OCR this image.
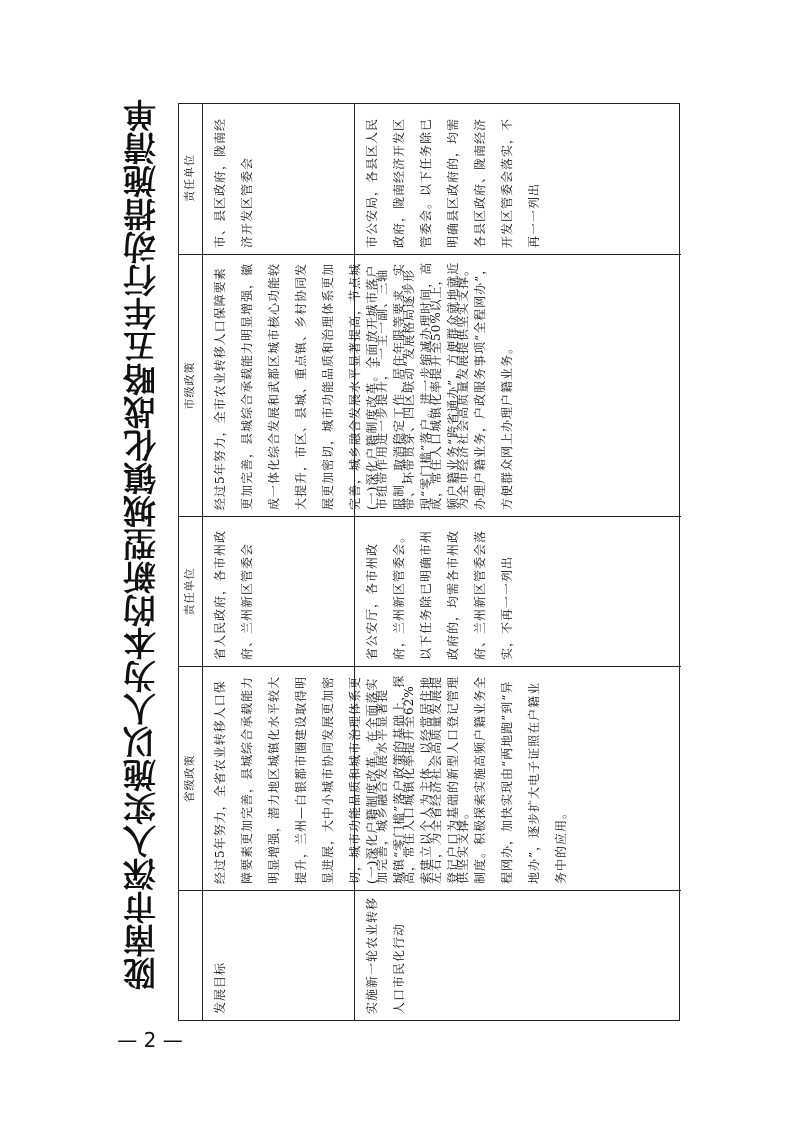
陇南市深入实施以人为本的新型城镇化战略五年行动措施清单	省级政策
责任单位
市级政策
责任单位
发展目标
经过5年努力，全省农业转移人口保障要素更加完善，县城综合承载能力明显增强，潜力地区城镇化水平较大提升，兰州—白银都市圈建设取得明显进展，大中小城市协同发展更加密切，城市功能品质和城市治理体系更加完善，城乡融合发展水平显著提高，常住人口城镇化率提升至62%左右，为全省经济社会高质量发展提供坚实支撑。
省人民政府，各市州政府、兰州新区管委会
经过5年努力，全市农业转移人口保障要素更加完善，县城综合承载能力明显增强，徽成一体化综合发展和武都区城市核心功能较大提升，市区、县城、重点镇、乡村协同发展更加密切，城市功能品质和治理体系更加完善，城乡融合发展水平显著提高，节点城市纽带作用进一步提升，“一主一副、三轴带、环带贯穿、四区联动”发展格局逐步形成，常住人口城镇化率提升至50%以上，为全市经济社会高质量发展提供坚实支撑。
市、县区政府，陇南经济开发区管委会
实施新一轮农业转移人口市民化行动
(一)深化户籍制度改革。在全面落实城镇“零门槛”落户政策的基础上，探索建立以个人为主体、以经常居住地登记户口为基础的新型人口登记管理制度。积极探索实施高频户籍业务全程网办，加快实现由“两地跑”到“异地办”，逐步扩大电子证照在户籍业务中的应用。
省公安厅，各市州政府，兰州新区管委会。以下任务除已明确市州政府的，均需各市州政府、兰州新区管委会落实，不再一一列出
(一)深化户籍制度改革。全面放开城市落户限制，取消稳定工作、居住年限等要求，实现“零门槛”落户。进一步缩减办理时间，高频户籍业务“跨省通办”，方便群众就地就近办理户籍业务，户政服务事项“全程网办”，方便群众网上办理户籍业务。
市公安局，各县区人民政府，陇南经济开发区管委会。以下任务除已明确县区政府的，均需各县区政府、陇南经济开发区管委会落实，不再一一列出
— 2 —
